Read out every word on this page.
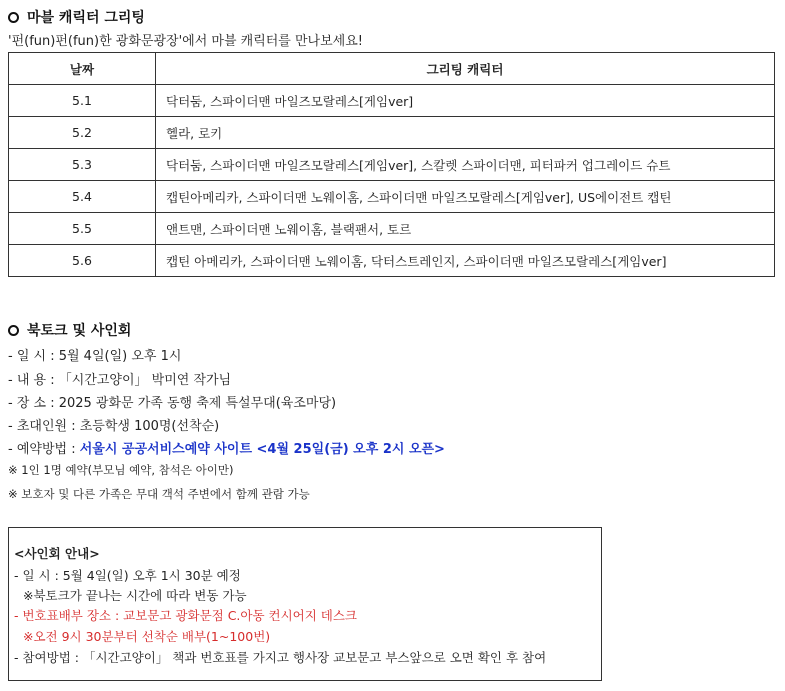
마블 캐릭터 그리팅
'펀(fun)펀(fun)한 광화문광장'에서 마블 캐릭터를 만나보세요!
날짜	그리팅 캐릭터
5.1	닥터둠, 스파이더맨 마일즈모랄레스[게임ver]
5.2	헬라, 로키
5.3	닥터둠, 스파이더맨 마일즈모랄레스[게임ver], 스칼렛 스파이더맨, 피터파커 업그레이드 슈트
5.4	캡틴아메리카, 스파이더맨 노웨이홈, 스파이더맨 마일즈모랄레스[게임ver], US에이전트 캡틴
5.5	앤트맨, 스파이더맨 노웨이홈, 블랙팬서, 토르
5.6	캡틴 아메리카, 스파이더맨 노웨이홈, 닥터스트레인지, 스파이더맨 마일즈모랄레스[게임ver]
북토크 및 사인회
- 일 시 : 5월 4일(일) 오후 1시
- 내 용 : 「시간고양이」 박미연 작가님
- 장 소 : 2025 광화문 가족 동행 축제 특설무대(육조마당)
- 초대인원 : 초등학생 100명(선착순)
- 예약방법 : 서울시 공공서비스예약 사이트 <4월 25일(금) 오후 2시 오픈>
※ 1인 1명 예약(부모님 예약, 참석은 아이만)
※ 보호자 및 다른 가족은 무대 객석 주변에서 함께 관람 가능
<사인회 안내>
- 일 시 : 5월 4일(일) 오후 1시 30분 예정
※북토크가 끝나는 시간에 따라 변동 가능
- 번호표배부 장소 : 교보문고 광화문점 C.아동 컨시어지 데스크
※오전 9시 30분부터 선착순 배부(1~100번)
- 참여방법 : 「시간고양이」 책과 번호표를 가지고 행사장 교보문고 부스앞으로 오면 확인 후 참여
